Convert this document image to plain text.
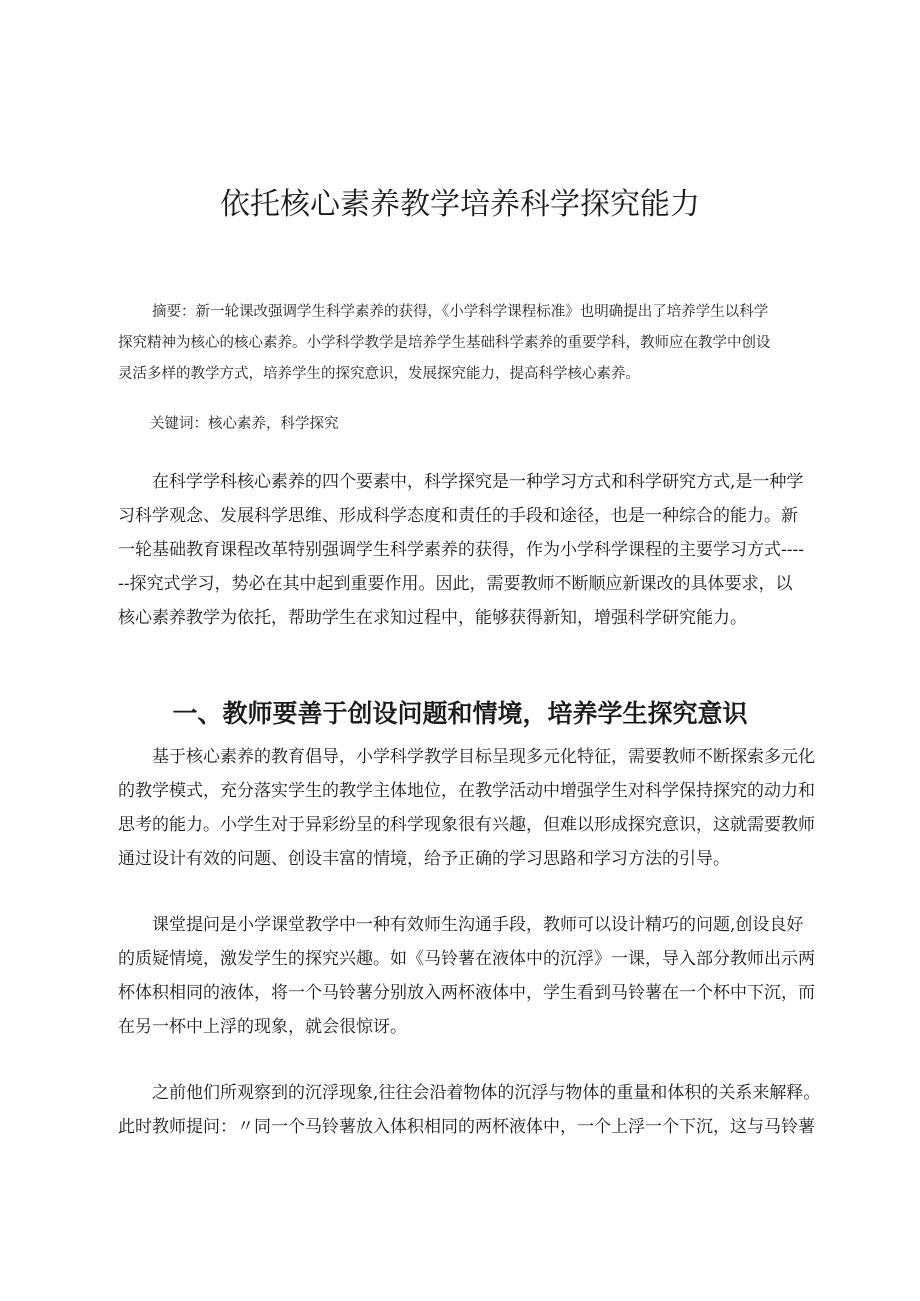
依托核心素养教学培养科学探究能力
摘要：新一轮课改强调学生科学素养的获得，《小学科学课程标准》也明确提出了培养学生以科学
探究精神为核心的核心素养。小学科学教学是培养学生基础科学素养的重要学科，教师应在教学中创设
灵活多样的教学方式，培养学生的探究意识，发展探究能力，提高科学核心素养。
关键词：核心素养，科学探究
在科学学科核心素养的四个要素中，科学探究是一种学习方式和科学研究方式,是一种学
习科学观念、发展科学思维、形成科学态度和责任的手段和途径，也是一种综合的能力。新
一轮基础教育课程改革特别强调学生科学素养的获得，作为小学科学课程的主要学习方式----
--探究式学习，势必在其中起到重要作用。因此，需要教师不断顺应新课改的具体要求，以
核心素养教学为依托，帮助学生在求知过程中，能够获得新知，增强科学研究能力。
一、教师要善于创设问题和情境，培养学生探究意识
基于核心素养的教育倡导，小学科学教学目标呈现多元化特征，需要教师不断探索多元化
的教学模式，充分落实学生的教学主体地位，在教学活动中增强学生对科学保持探究的动力和
思考的能力。小学生对于异彩纷呈的科学现象很有兴趣，但难以形成探究意识，这就需要教师
通过设计有效的问题、创设丰富的情境，给予正确的学习思路和学习方法的引导。
课堂提问是小学课堂教学中一种有效师生沟通手段，教师可以设计精巧的问题,创设良好
的质疑情境，激发学生的探究兴趣。如《马铃薯在液体中的沉浮》一课，导入部分教师出示两
杯体积相同的液体，将一个马铃薯分别放入两杯液体中，学生看到马铃薯在一个杯中下沉，而
在另一杯中上浮的现象，就会很惊讶。
之前他们所观察到的沉浮现象,往往会沿着物体的沉浮与物体的重量和体积的关系来解释。
此时教师提问：〃同一个马铃薯放入体积相同的两杯液体中，一个上浮一个下沉，这与马铃薯
